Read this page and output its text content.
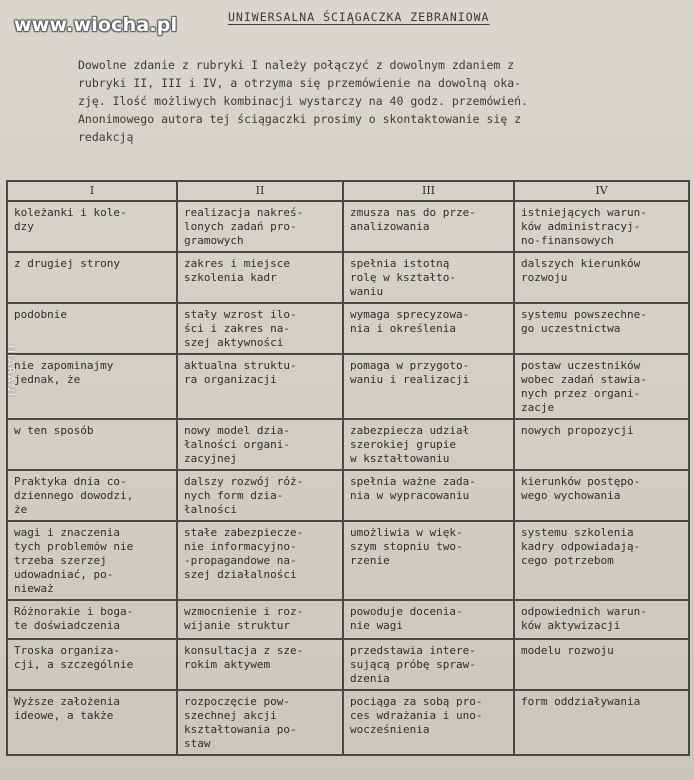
www.wiocha.pl	UNIWERSALNA ŚCIĄGACZKA ZEBRANIOWA
Dowolne zdanie z rubryki I należy połączyć z dowolnym zdaniem z
rubryki II, III i IV, a otrzyma się przemówienie na dowolną oka-
zję. Ilość możliwych kombinacji wystarczy na 40 godz. przemówień.
Anonimowego autora tej ściągaczki prosimy o skontaktowanie się z
redakcją
UJARANI
I	II	III	IV

koleżanki i kole-
dzy	realizacja nakreś-
lonych zadań pro-
gramowych	zmusza nas do prze-
analizowania	istniejących warun-
ków administracyj-
no-finansowych

z drugiej strony	zakres i miejsce
szkolenia kadr	spełnia istotną
rolę w kształto-
waniu	dalszych kierunków
rozwoju

podobnie	stały wzrost ilo-
ści i zakres na-
szej aktywności	wymaga sprecyzowa-
nia i określenia	systemu powszechne-
go uczestnictwa

nie zapominajmy
jednak, że	aktualna struktu-
ra organizacji	pomaga w przygoto-
waniu i realizacji	postaw uczestników
wobec zadań stawia-
nych przez organi-
zacje

w ten sposób	nowy model dzia-
łalności organi-
zacyjnej	zabezpiecza udział
szerokiej grupie
w kształtowaniu	nowych propozycji

Praktyka dnia co-
dziennego dowodzi,
że	dalszy rozwój róż-
nych form dzia-
łalności	spełnia ważne zada-
nia w wypracowaniu	kierunków postępo-
wego wychowania

wagi i znaczenia
tych problemów nie
trzeba szerzej
udowadniać, po-
nieważ	stałe zabezpiecze-
nie informacyjno-
-propagandowe na-
szej działalności	umożliwia w więk-
szym stopniu two-
rzenie	systemu szkolenia
kadry odpowiadają-
cego potrzebom

Różnorakie i boga-
te doświadczenia	wzmocnienie i roz-
wijanie struktur	powoduje docenia-
nie wagi	odpowiednich warun-
ków aktywizacji

Troska organiza-
cji, a szczególnie	konsultacja z sze-
rokim aktywem	przedstawia intere-
sującą próbę spraw-
dzenia	modelu rozwoju

Wyższe założenia
ideowe, a także	rozpoczęcie pow-
szechnej akcji
kształtowania po-
staw	pociąga za sobą pro-
ces wdrażania i uno-
wocześnienia	form oddziaływania
